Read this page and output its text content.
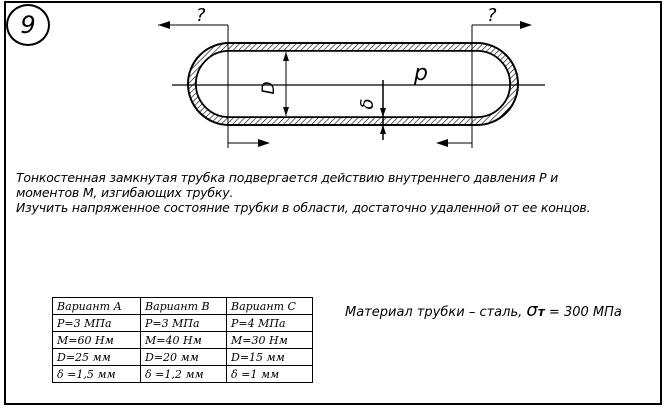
D
p
δ
?	?
9
Тонкостенная замкнутая трубка подвергается действию внутреннего давления P и
моментов M, изгибающих трубку.
Изучить напряженное состояние трубки в области, достаточно удаленной от ее концов.
Вариант А	Вариант В	Вариант С
P=3 МПа	P=3 МПа	P=4 МПа
M=60 Нм	M=40 Нм	M=30 Нм
D=25 мм	D=20 мм	D=15 мм
δ =1,5 мм	δ =1,2 мм	δ =1 мм
Материал трубки – сталь, σт = 300 МПа
